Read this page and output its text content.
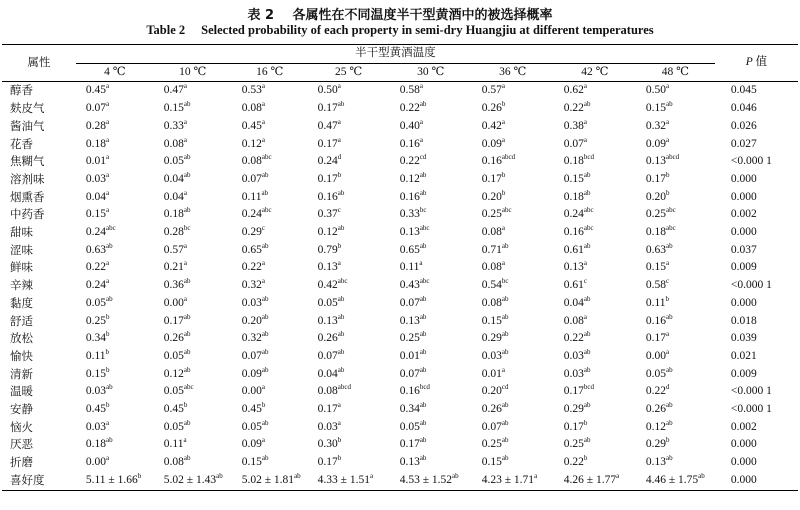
表 2 各属性在不同温度半干型黄酒中的被选择概率
Table 2 Selected probability of each property in semi-dry Huangjiu at different temperatures
属性	半干型黄酒温度								P 值
	4 ℃	10 ℃	16 ℃	25 ℃	30 ℃	36 ℃	42 ℃	48 ℃	
醇香	0.45$^a$	0.47$^a$	0.53$^a$	0.50$^a$	0.58$^a$	0.57$^a$	0.62$^a$	0.50$^a$	0.045
麸皮气	0.07$^a$	0.15$^{ab}$	0.08$^a$	0.17$^{ab}$	0.22$^{ab}$	0.26$^b$	0.22$^{ab}$	0.15$^{ab}$	0.046
酱油气	0.28$^a$	0.33$^a$	0.45$^a$	0.47$^a$	0.40$^a$	0.42$^a$	0.38$^a$	0.32$^a$	0.026
花香	0.18$^a$	0.08$^a$	0.12$^a$	0.17$^a$	0.16$^a$	0.09$^a$	0.07$^a$	0.09$^a$	0.027
焦糊气	0.01$^a$	0.05$^{ab}$	0.08$^{abc}$	0.24$^d$	0.22$^{cd}$	$0.16^{abcd}$	0.18$^{bcd}$	$0.13^{abcd}$	<0.000 1
溶剂味	0.03$^a$	0.04$^{ab}$	0.07$^{ab}$	0.17$^b$	0.12$^{ab}$	0.17$^b$	0.15$^{ab}$	0.17$^b$	0.000
烟熏香	0.04$^a$	0.04$^a$	0.11$^{ab}$	0.16$^{ab}$	0.16$^{ab}$	0.20$^b$	0.18$^{ab}$	0.20$^b$	0.000
中药香	0.15$^a$	0.18$^{ab}$	0.24$^{abc}$	0.37$^c$	0.33$^{bc}$	0.25$^{abc}$	0.24$^{abc}$	0.25$^{abc}$	0.002
甜味	0.24$^{abc}$	0.28$^{bc}$	0.29$^c$	0.12$^{ab}$	0.13$^{abc}$	0.08$^a$	0.16$^{abc}$	0.18$^{abc}$	0.000
涩味	0.63$^{ab}$	0.57$^a$	0.65$^{ab}$	0.79$^b$	0.65$^{ab}$	0.71$^{ab}$	0.61$^{ab}$	0.63$^{ab}$	0.037
鲜味	0.22$^a$	0.21$^a$	0.22$^a$	0.13$^a$	0.11$^a$	0.08$^a$	0.13$^a$	0.15$^a$	0.009
辛辣	0.24$^a$	0.36$^{ab}$	0.32$^a$	0.42$^{abc}$	0.43$^{abc}$	0.54$^{bc}$	0.61$^c$	0.58$^c$	<0.000 1
黏度	0.05$^{ab}$	0.00$^a$	0.03$^{ab}$	0.05$^{ab}$	0.07$^{ab}$	0.08$^{ab}$	0.04$^{ab}$	0.11$^b$	0.000
舒适	0.25$^b$	0.17$^{ab}$	0.20$^{ab}$	0.13$^{ab}$	0.13$^{ab}$	0.15$^{ab}$	0.08$^a$	0.16$^{ab}$	0.018
放松	0.34$^b$	0.26$^{ab}$	0.32$^{ab}$	0.26$^{ab}$	0.25$^{ab}$	0.29$^{ab}$	0.22$^{ab}$	0.17$^a$	0.039
愉快	0.11$^b$	0.05$^{ab}$	0.07$^{ab}$	0.07$^{ab}$	0.01$^{ab}$	0.03$^{ab}$	0.03$^{ab}$	0.00$^a$	0.021
清新	0.15$^b$	0.12$^{ab}$	0.09$^{ab}$	0.04$^{ab}$	0.07$^{ab}$	0.01$^a$	0.03$^{ab}$	0.05$^{ab}$	0.009
温暖	0.03$^{ab}$	0.05$^{abc}$	0.00$^a$	$0.08^{abcd}$	0.16$^{bcd}$	0.20$^{cd}$	0.17$^{bcd}$	0.22$^d$	<0.000 1
安静	0.45$^b$	0.45$^b$	0.45$^b$	0.17$^a$	0.34$^{ab}$	0.26$^{ab}$	0.29$^{ab}$	0.26$^{ab}$	<0.000 1
恼火	0.03$^a$	0.05$^{ab}$	0.05$^{ab}$	0.03$^a$	0.05$^{ab}$	0.07$^{ab}$	0.17$^b$	0.12$^{ab}$	0.002
厌恶	0.18$^{ab}$	0.11$^a$	0.09$^a$	0.30$^b$	0.17$^{ab}$	0.25$^{ab}$	0.25$^{ab}$	0.29$^b$	0.000
折磨	0.00$^a$	0.08$^{ab}$	0.15$^{ab}$	0.17$^b$	0.13$^{ab}$	0.15$^{ab}$	0.22$^b$	0.13$^{ab}$	0.000
喜好度	5.11 ± 1.66$^b$	5.02 ± 1.43$^{ab}$	5.02 ± 1.81$^{ab}$	4.33 ± 1.51$^a$	4.53 ± 1.52$^{ab}$	4.23 ± 1.71$^a$	4.26 ± 1.77$^a$	4.46 ± 1.75$^{ab}$	0.000
